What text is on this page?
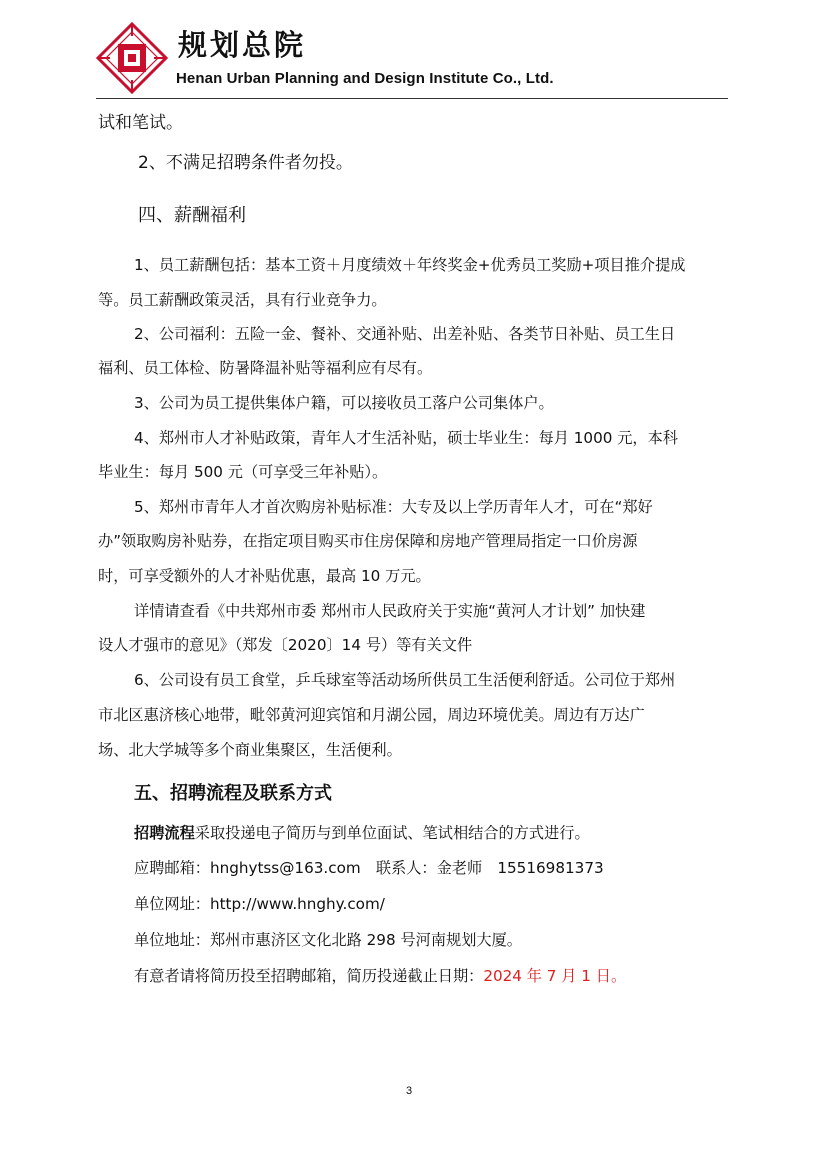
规划总院
Henan Urban Planning and Design Institute Co., Ltd.
试和笔试。
2、不满足招聘条件者勿投。
四、薪酬福利
1、员工薪酬包括：基本工资＋月度绩效＋年终奖金+优秀员工奖励+项目推介提成
等。员工薪酬政策灵活，具有行业竞争力。
2、公司福利：五险一金、餐补、交通补贴、出差补贴、各类节日补贴、员工生日
福利、员工体检、防暑降温补贴等福利应有尽有。
3、公司为员工提供集体户籍，可以接收员工落户公司集体户。
4、郑州市人才补贴政策，青年人才生活补贴，硕士毕业生：每月 1000 元，本科
毕业生：每月 500 元（可享受三年补贴）。
5、郑州市青年人才首次购房补贴标准：大专及以上学历青年人才，可在“郑好
办”领取购房补贴券，在指定项目购买市住房保障和房地产管理局指定一口价房源
时，可享受额外的人才补贴优惠，最高 10 万元。
详情请查看《中共郑州市委 郑州市人民政府关于实施“黄河人才计划” 加快建
设人才强市的意见》（郑发〔2020〕14 号）等有关文件
6、公司设有员工食堂，乒乓球室等活动场所供员工生活便利舒适。公司位于郑州
市北区惠济核心地带，毗邻黄河迎宾馆和月湖公园，周边环境优美。周边有万达广
场、北大学城等多个商业集聚区，生活便利。
五、招聘流程及联系方式
招聘流程采取投递电子简历与到单位面试、笔试相结合的方式进行。
应聘邮箱：hnghytss@163.com　联系人：金老师　15516981373
单位网址：http://www.hnghy.com/
单位地址：郑州市惠济区文化北路 298 号河南规划大厦。
有意者请将简历投至招聘邮箱，简历投递截止日期：2024 年 7 月 1 日。
3
